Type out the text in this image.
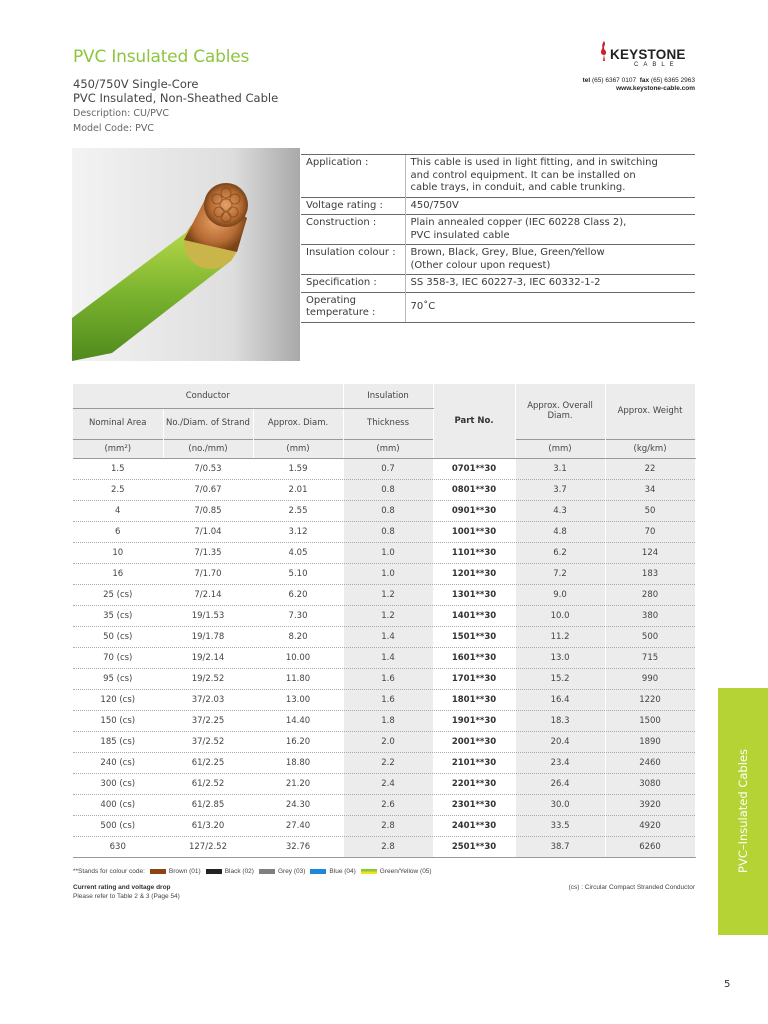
PVC Insulated Cables
450/750V Single-Core
PVC Insulated, Non-Sheathed Cable
Description: CU/PVC
Model Code: PVC
KEYSTONE
CABLE
tel (65) 6367 0107 fax (65) 6365 2963
www.keystone-cable.com
Application :	This cable is used in light fitting, and in switching
and control equipment. It can be installed on
cable trays, in conduit, and cable trunking.

Voltage rating :	450/750V

Construction :	Plain annealed copper (IEC 60228 Class 2),
PVC insulated cable

Insulation colour :	Brown, Black, Grey, Blue, Green/Yellow
(Other colour upon request)

Specification :	SS 358-3, IEC 60227-3, IEC 60332-1-2

Operating temperature :	70˚C
Conductor			Insulation	Part No.	Approx. Overall Diam.	Approx. Weight
Nominal Area	No./Diam. of Strand	Approx. Diam.	Thickness			
(mm²)	(no./mm)	(mm)	(mm)		(mm)	(kg/km)
1.5	7/0.53	1.59	0.7	0701**30	3.1	22
2.5	7/0.67	2.01	0.8	0801**30	3.7	34
4	7/0.85	2.55	0.8	0901**30	4.3	50
6	7/1.04	3.12	0.8	1001**30	4.8	70
10	7/1.35	4.05	1.0	1101**30	6.2	124
16	7/1.70	5.10	1.0	1201**30	7.2	183
25 (cs)	7/2.14	6.20	1.2	1301**30	9.0	280
35 (cs)	19/1.53	7.30	1.2	1401**30	10.0	380
50 (cs)	19/1.78	8.20	1.4	1501**30	11.2	500
70 (cs)	19/2.14	10.00	1.4	1601**30	13.0	715
95 (cs)	19/2.52	11.80	1.6	1701**30	15.2	990
120 (cs)	37/2.03	13.00	1.6	1801**30	16.4	1220
150 (cs)	37/2.25	14.40	1.8	1901**30	18.3	1500
185 (cs)	37/2.52	16.20	2.0	2001**30	20.4	1890
240 (cs)	61/2.25	18.80	2.2	2101**30	23.4	2460
300 (cs)	61/2.52	21.20	2.4	2201**30	26.4	3080
400 (cs)	61/2.85	24.30	2.6	2301**30	30.0	3920
500 (cs)	61/3.20	27.40	2.8	2401**30	33.5	4920
630	127/2.52	32.76	2.8	2501**30	38.7	6260
**Stands for colour code:	Brown (01)	Black (02)	Grey (03)	Blue (04)	Green/Yellow (05)
Current rating and voltage drop
Please refer to Table 2 & 3 (Page 54)
(cs) : Circular Compact Stranded Conductor
PVC–Insulated Cables
5
